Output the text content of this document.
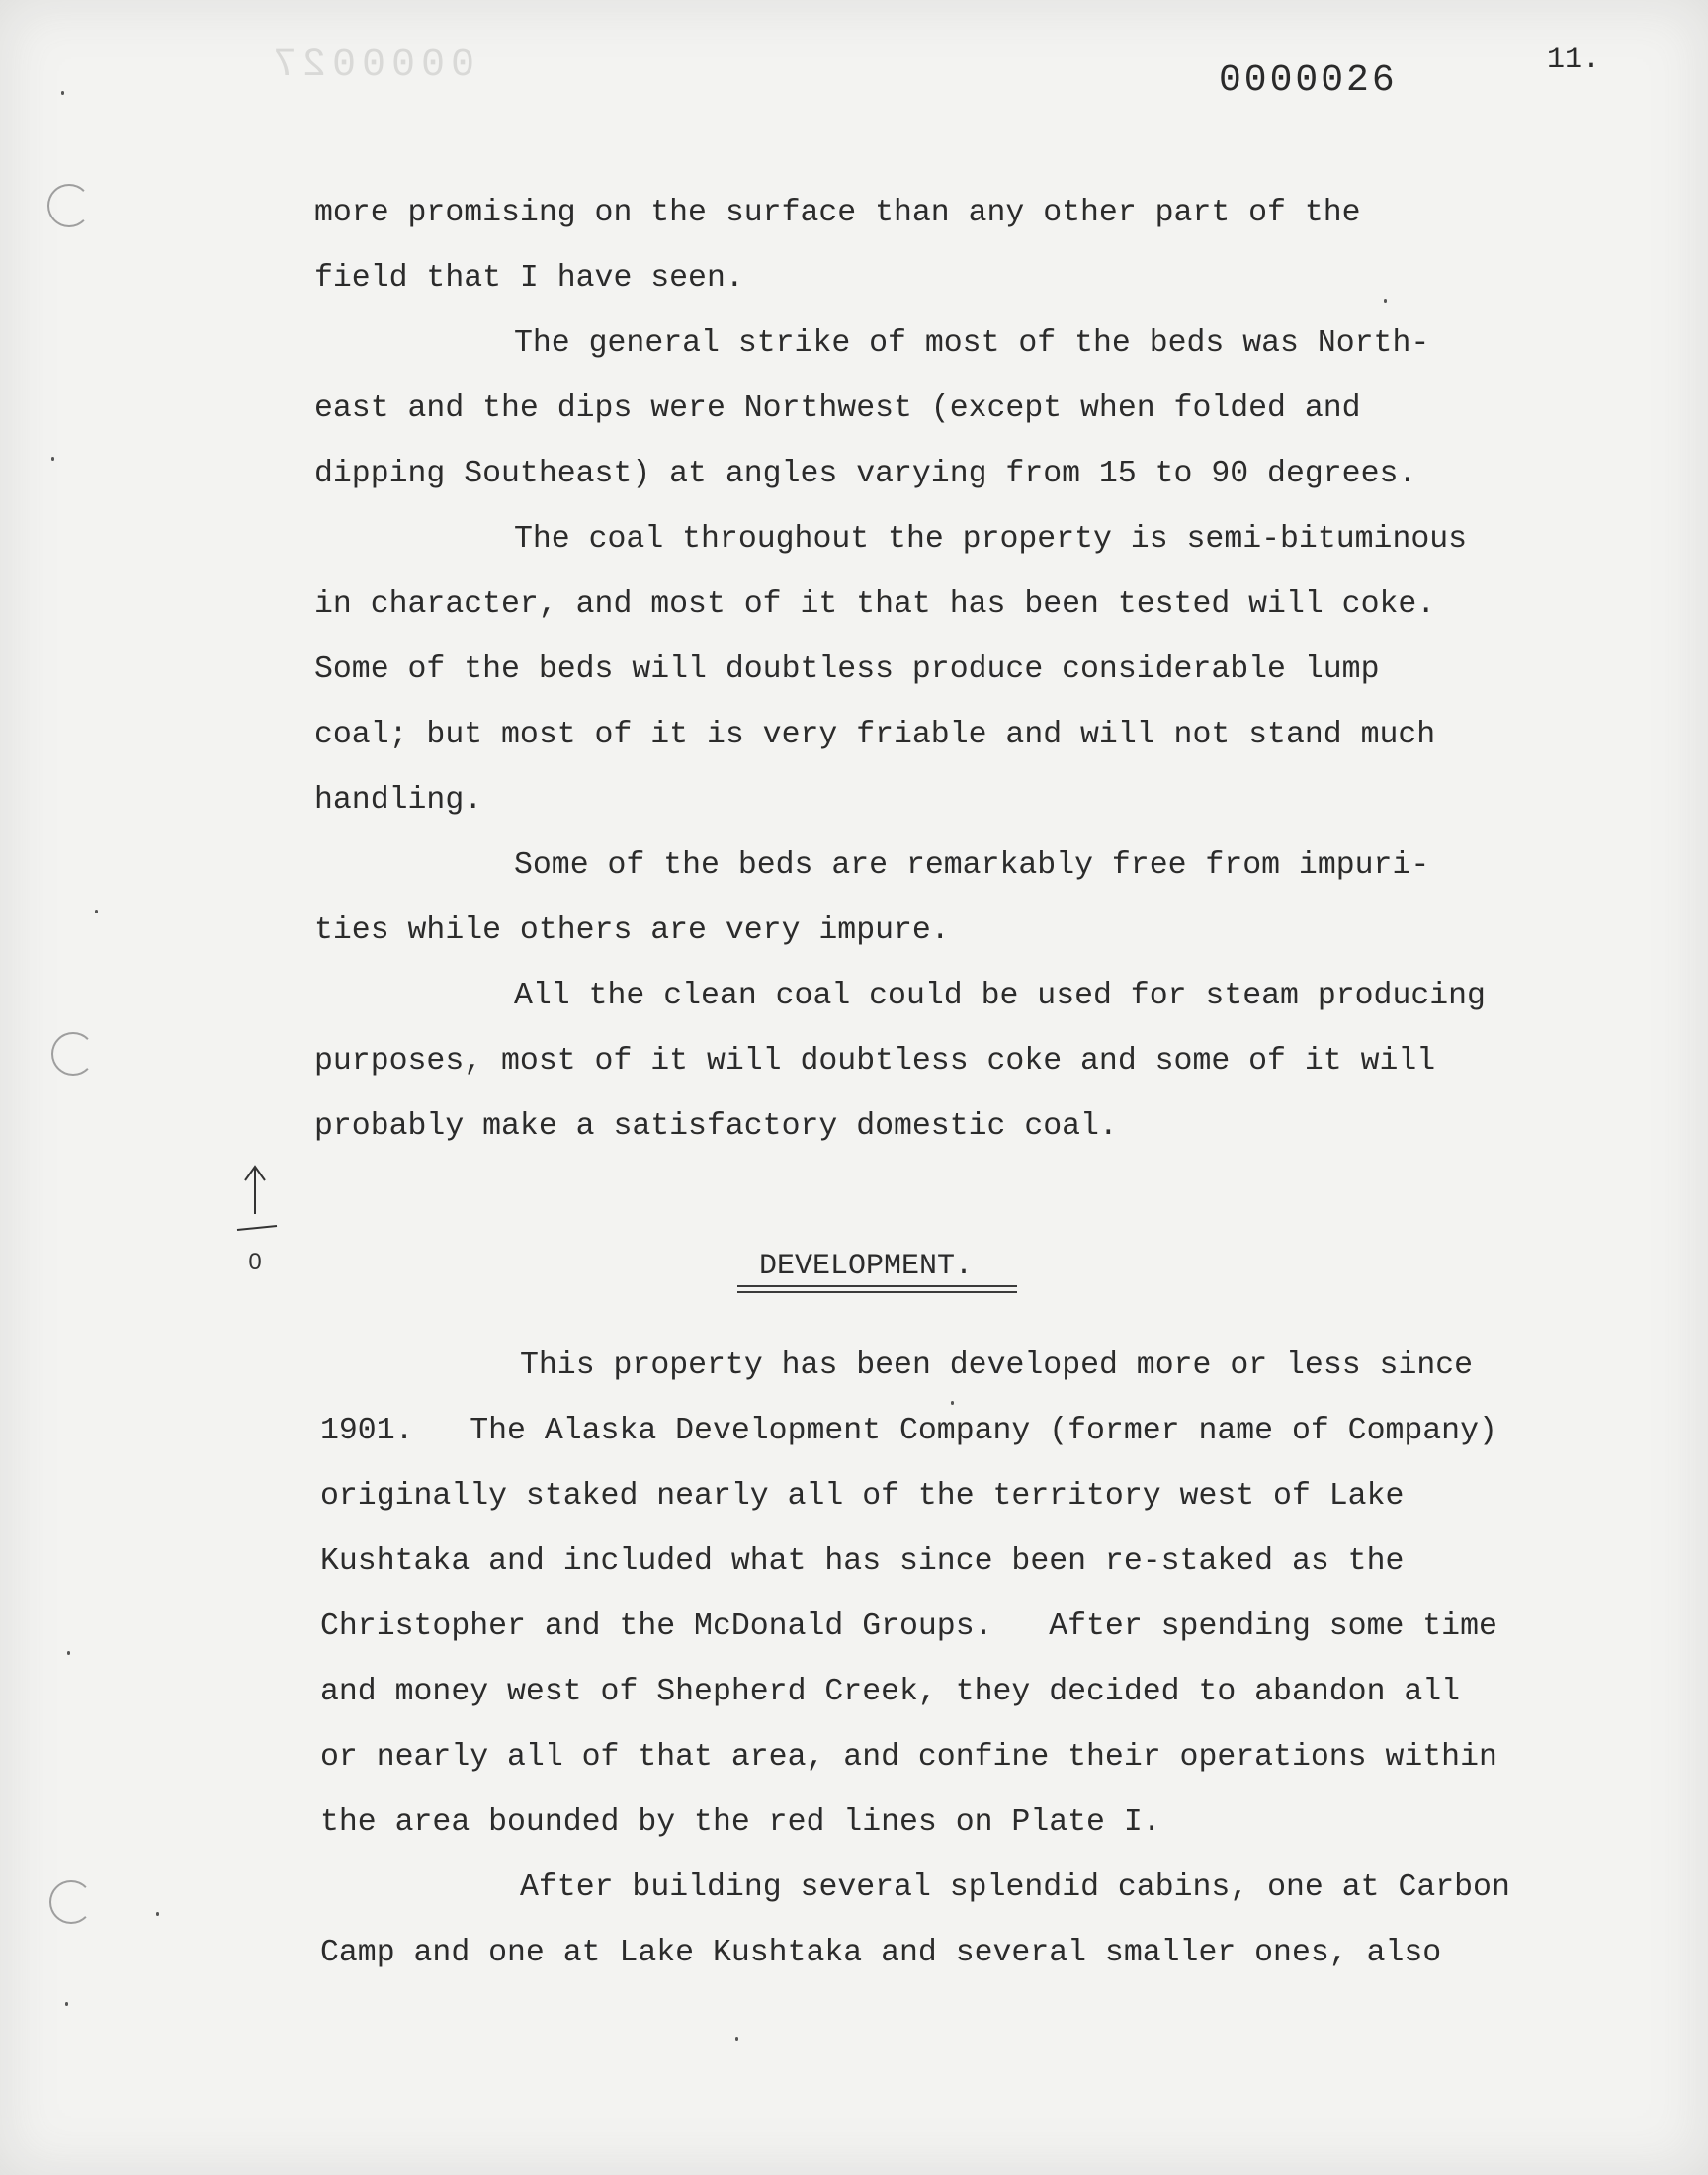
0000027	0000026	11.

more promising on the surface than any other part of the

field that I have seen.

The general strike of most of the beds was North-

east and the dips were Northwest (except when folded and

dipping Southeast) at angles varying from 15 to 90 degrees.

The coal throughout the property is semi-bituminous

in character, and most of it that has been tested will coke.

Some of the beds will doubtless produce considerable lump

coal; but most of it is very friable and will not stand much

handling.

Some of the beds are remarkably free from impuri-

ties while others are very impure.

All the clean coal could be used for steam producing

purposes, most of it will doubtless coke and some of it will

probably make a satisfactory domestic coal.

0	DEVELOPMENT.

This property has been developed more or less since

1901.   The Alaska Development Company (former name of Company)

originally staked nearly all of the territory west of Lake

Kushtaka and included what has since been re-staked as the

Christopher and the McDonald Groups.   After spending some time

and money west of Shepherd Creek, they decided to abandon all

or nearly all of that area, and confine their operations within

the area bounded by the red lines on Plate I.

After building several splendid cabins, one at Carbon

Camp and one at Lake Kushtaka and several smaller ones, also
